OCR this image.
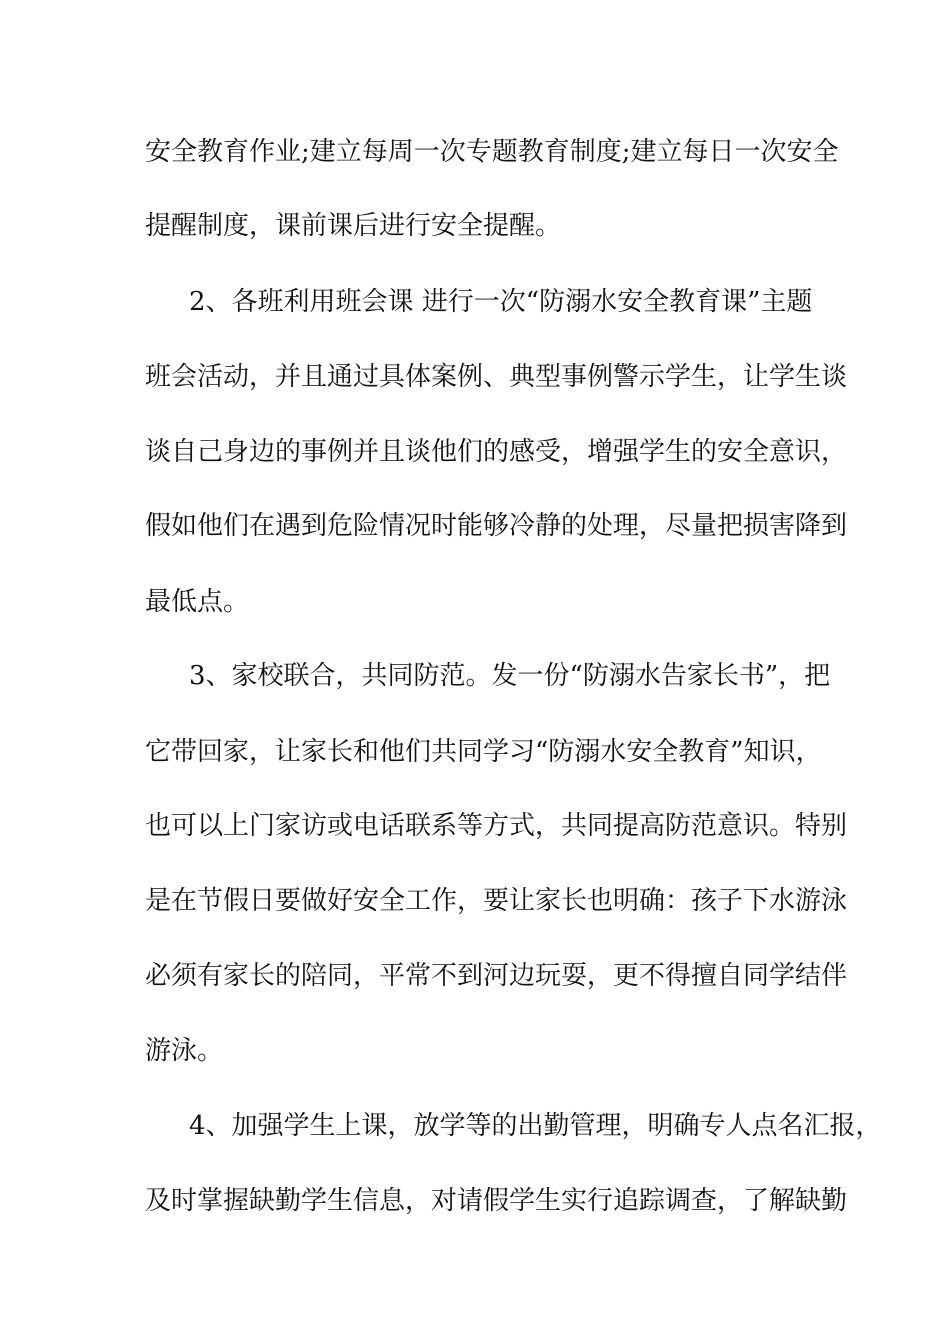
安全教育作业;建立每周一次专题教育制度;建立每日一次安全
提醒制度，课前课后进行安全提醒。
2、各班利用班会课 进行一次“防溺水安全教育课”主题
班会活动，并且通过具体案例、典型事例警示学生，让学生谈
谈自己身边的事例并且谈他们的感受，增强学生的安全意识，
假如他们在遇到危险情况时能够冷静的处理，尽量把损害降到
最低点。
3、家校联合，共同防范。发一份“防溺水告家长书”，把
它带回家，让家长和他们共同学习“防溺水安全教育”知识，
也可以上门家访或电话联系等方式，共同提高防范意识。特别
是在节假日要做好安全工作，要让家长也明确：孩子下水游泳
必须有家长的陪同，平常不到河边玩耍，更不得擅自同学结伴
游泳。
4、加强学生上课，放学等的出勤管理，明确专人点名汇报，
及时掌握缺勤学生信息，对请假学生实行追踪调查，了解缺勤
